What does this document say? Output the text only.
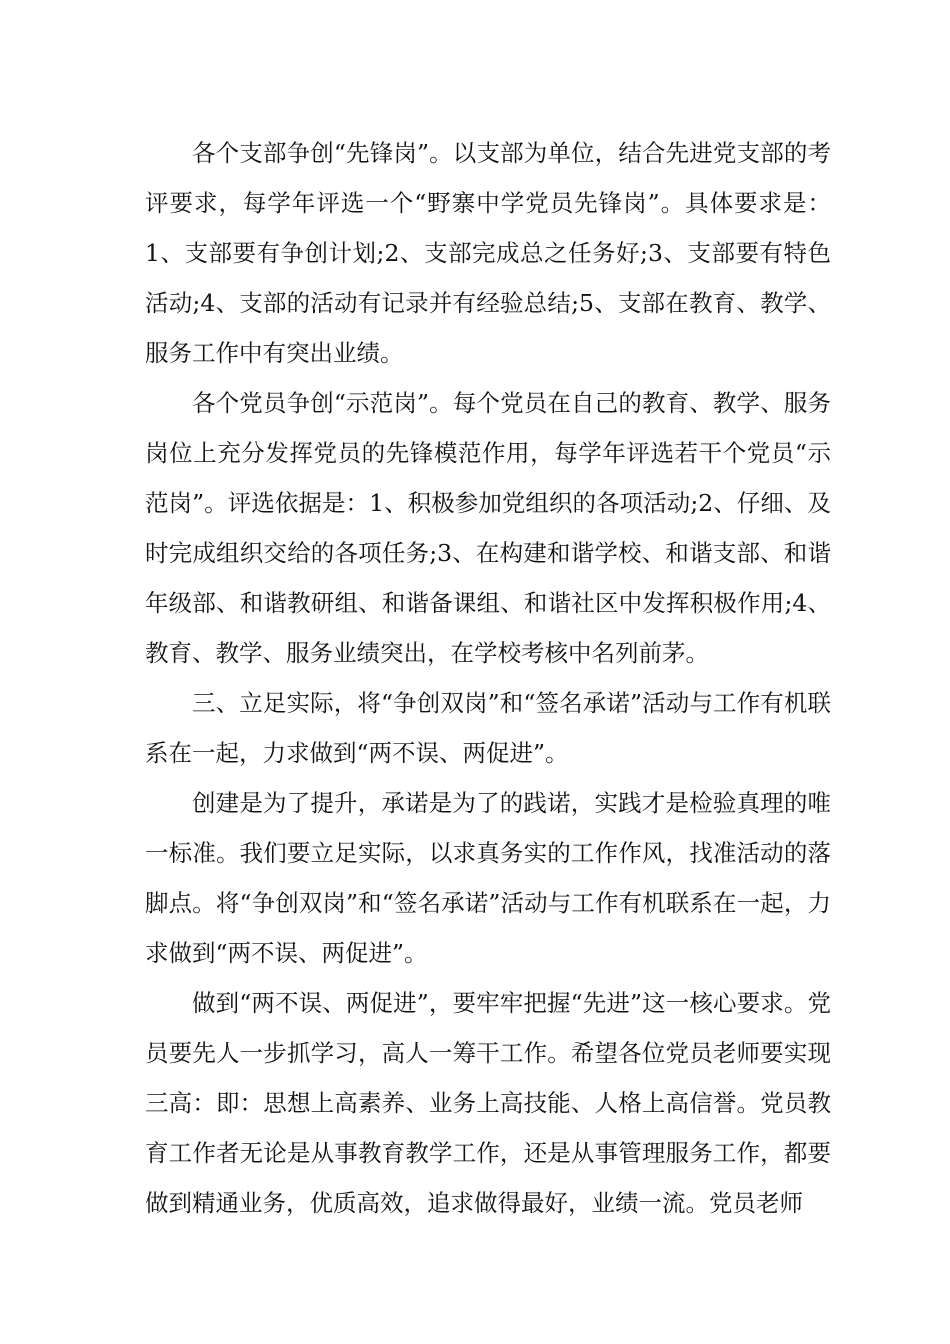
各个支部争创“先锋岗”。以支部为单位，结合先进党支部的考评要求，每学年评选一个“野寨中学党员先锋岗”。具体要求是：1、支部要有争创计划;2、支部完成总之任务好;3、支部要有特色活动;4、支部的活动有记录并有经验总结;5、支部在教育、教学、服务工作中有突出业绩。

各个党员争创“示范岗”。每个党员在自己的教育、教学、服务岗位上充分发挥党员的先锋模范作用，每学年评选若干个党员“示范岗”。评选依据是：1、积极参加党组织的各项活动;2、仔细、及时完成组织交给的各项任务;3、在构建和谐学校、和谐支部、和谐年级部、和谐教研组、和谐备课组、和谐社区中发挥积极作用;4、教育、教学、服务业绩突出，在学校考核中名列前茅。

三、立足实际，将“争创双岗”和“签名承诺”活动与工作有机联系在一起，力求做到“两不误、两促进”。

创建是为了提升，承诺是为了的践诺，实践才是检验真理的唯一标准。我们要立足实际，以求真务实的工作作风，找准活动的落脚点。将“争创双岗”和“签名承诺”活动与工作有机联系在一起，力求做到“两不误、两促进”。

做到“两不误、两促进”，要牢牢把握“先进”这一核心要求。党员要先人一步抓学习，高人一筹干工作。希望各位党员老师要实现三高：即：思想上高素养、业务上高技能、人格上高信誉。党员教育工作者无论是从事教育教学工作，还是从事管理服务工作，都要做到精通业务，优质高效，追求做得最好，业绩一流。党员老师
